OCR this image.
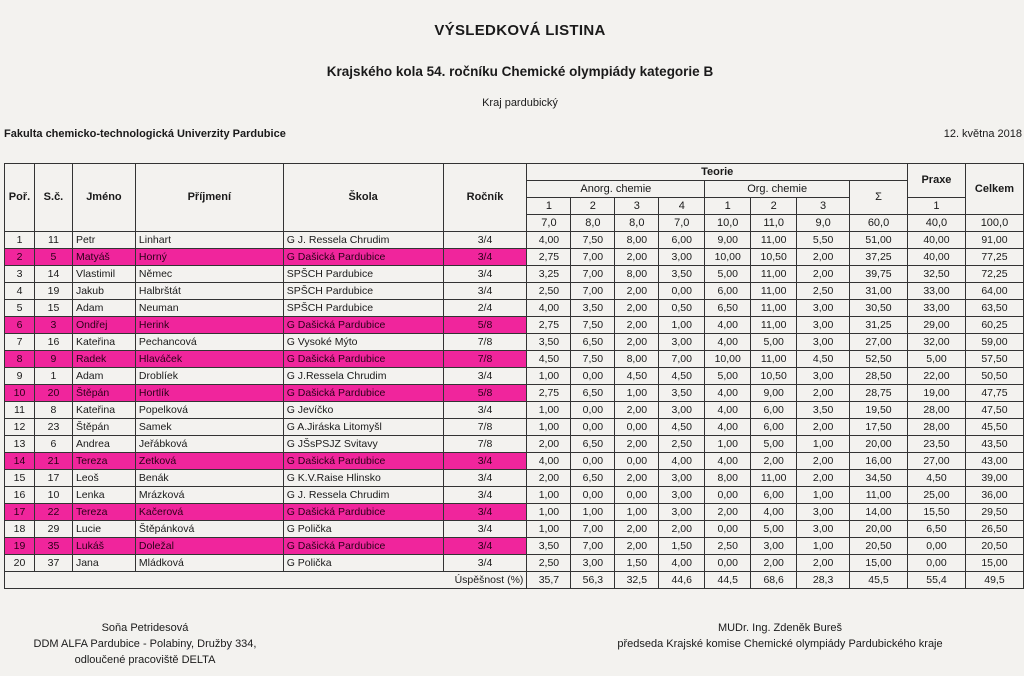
VÝSLEDKOVÁ LISTINA
Krajského kola 54. ročníku Chemické olympiády kategorie B
Kraj pardubický
Fakulta chemicko-technologická Univerzity Pardubice	12. května 2018
Poř.	S.č.	Jméno	Příjmení	Škola	Ročník	Teorie								Praxe	Celkem
						Anorg. chemie				Org. chemie			Σ		
						1	2	3	4	1	2	3		1	
						7,0	8,0	8,0	7,0	10,0	11,0	9,0	60,0	40,0	100,0
1	11	Petr	Linhart	G J. Ressela Chrudim	3/4	4,00	7,50	8,00	6,00	9,00	11,00	5,50	51,00	40,00	91,00
2	5	Matyáš	Horný	G Dašická Pardubice	3/4	2,75	7,00	2,00	3,00	10,00	10,50	2,00	37,25	40,00	77,25
3	14	Vlastimil	Němec	SPŠCH Pardubice	3/4	3,25	7,00	8,00	3,50	5,00	11,00	2,00	39,75	32,50	72,25
4	19	Jakub	Halbrštát	SPŠCH Pardubice	3/4	2,50	7,00	2,00	0,00	6,00	11,00	2,50	31,00	33,00	64,00
5	15	Adam	Neuman	SPŠCH Pardubice	2/4	4,00	3,50	2,00	0,50	6,50	11,00	3,00	30,50	33,00	63,50
6	3	Ondřej	Herink	G Dašická Pardubice	5/8	2,75	7,50	2,00	1,00	4,00	11,00	3,00	31,25	29,00	60,25
7	16	Kateřina	Pechancová	G Vysoké Mýto	7/8	3,50	6,50	2,00	3,00	4,00	5,00	3,00	27,00	32,00	59,00
8	9	Radek	Hlaváček	G Dašická Pardubice	7/8	4,50	7,50	8,00	7,00	10,00	11,00	4,50	52,50	5,00	57,50
9	1	Adam	Droblíek	G J.Ressela Chrudim	3/4	1,00	0,00	4,50	4,50	5,00	10,50	3,00	28,50	22,00	50,50
10	20	Štěpán	Hortlík	G Dašická Pardubice	5/8	2,75	6,50	1,00	3,50	4,00	9,00	2,00	28,75	19,00	47,75
11	8	Kateřina	Popelková	G Jevíčko	3/4	1,00	0,00	2,00	3,00	4,00	6,00	3,50	19,50	28,00	47,50
12	23	Štěpán	Samek	G A.Jiráska Litomyšl	7/8	1,00	0,00	0,00	4,50	4,00	6,00	2,00	17,50	28,00	45,50
13	6	Andrea	Jeřábková	G JŠsPSJZ Svitavy	7/8	2,00	6,50	2,00	2,50	1,00	5,00	1,00	20,00	23,50	43,50
14	21	Tereza	Zetková	G Dašická Pardubice	3/4	4,00	0,00	0,00	4,00	4,00	2,00	2,00	16,00	27,00	43,00
15	17	Leoš	Benák	G K.V.Raise Hlinsko	3/4	2,00	6,50	2,00	3,00	8,00	11,00	2,00	34,50	4,50	39,00
16	10	Lenka	Mrázková	G J. Ressela Chrudim	3/4	1,00	0,00	0,00	3,00	0,00	6,00	1,00	11,00	25,00	36,00
17	22	Tereza	Kačerová	G Dašická Pardubice	3/4	1,00	1,00	1,00	3,00	2,00	4,00	3,00	14,00	15,50	29,50
18	29	Lucie	Štěpánková	G Polička	3/4	1,00	7,00	2,00	2,00	0,00	5,00	3,00	20,00	6,50	26,50
19	35	Lukáš	Doležal	G Dašická Pardubice	3/4	3,50	7,00	2,00	1,50	2,50	3,00	1,00	20,50	0,00	20,50
20	37	Jana	Mládková	G Polička	3/4	2,50	3,00	1,50	4,00	0,00	2,00	2,00	15,00	0,00	15,00
Úspěšnost (%)						35,7	56,3	32,5	44,6	44,5	68,6	28,3	45,5	55,4	49,5
Soňa Petridesová
DDM ALFA Pardubice - Polabiny, Družby 334,
odloučené pracoviště DELTA
MUDr. Ing. Zdeněk Bureš
předseda Krajské komise Chemické olympiády Pardubického kraje
